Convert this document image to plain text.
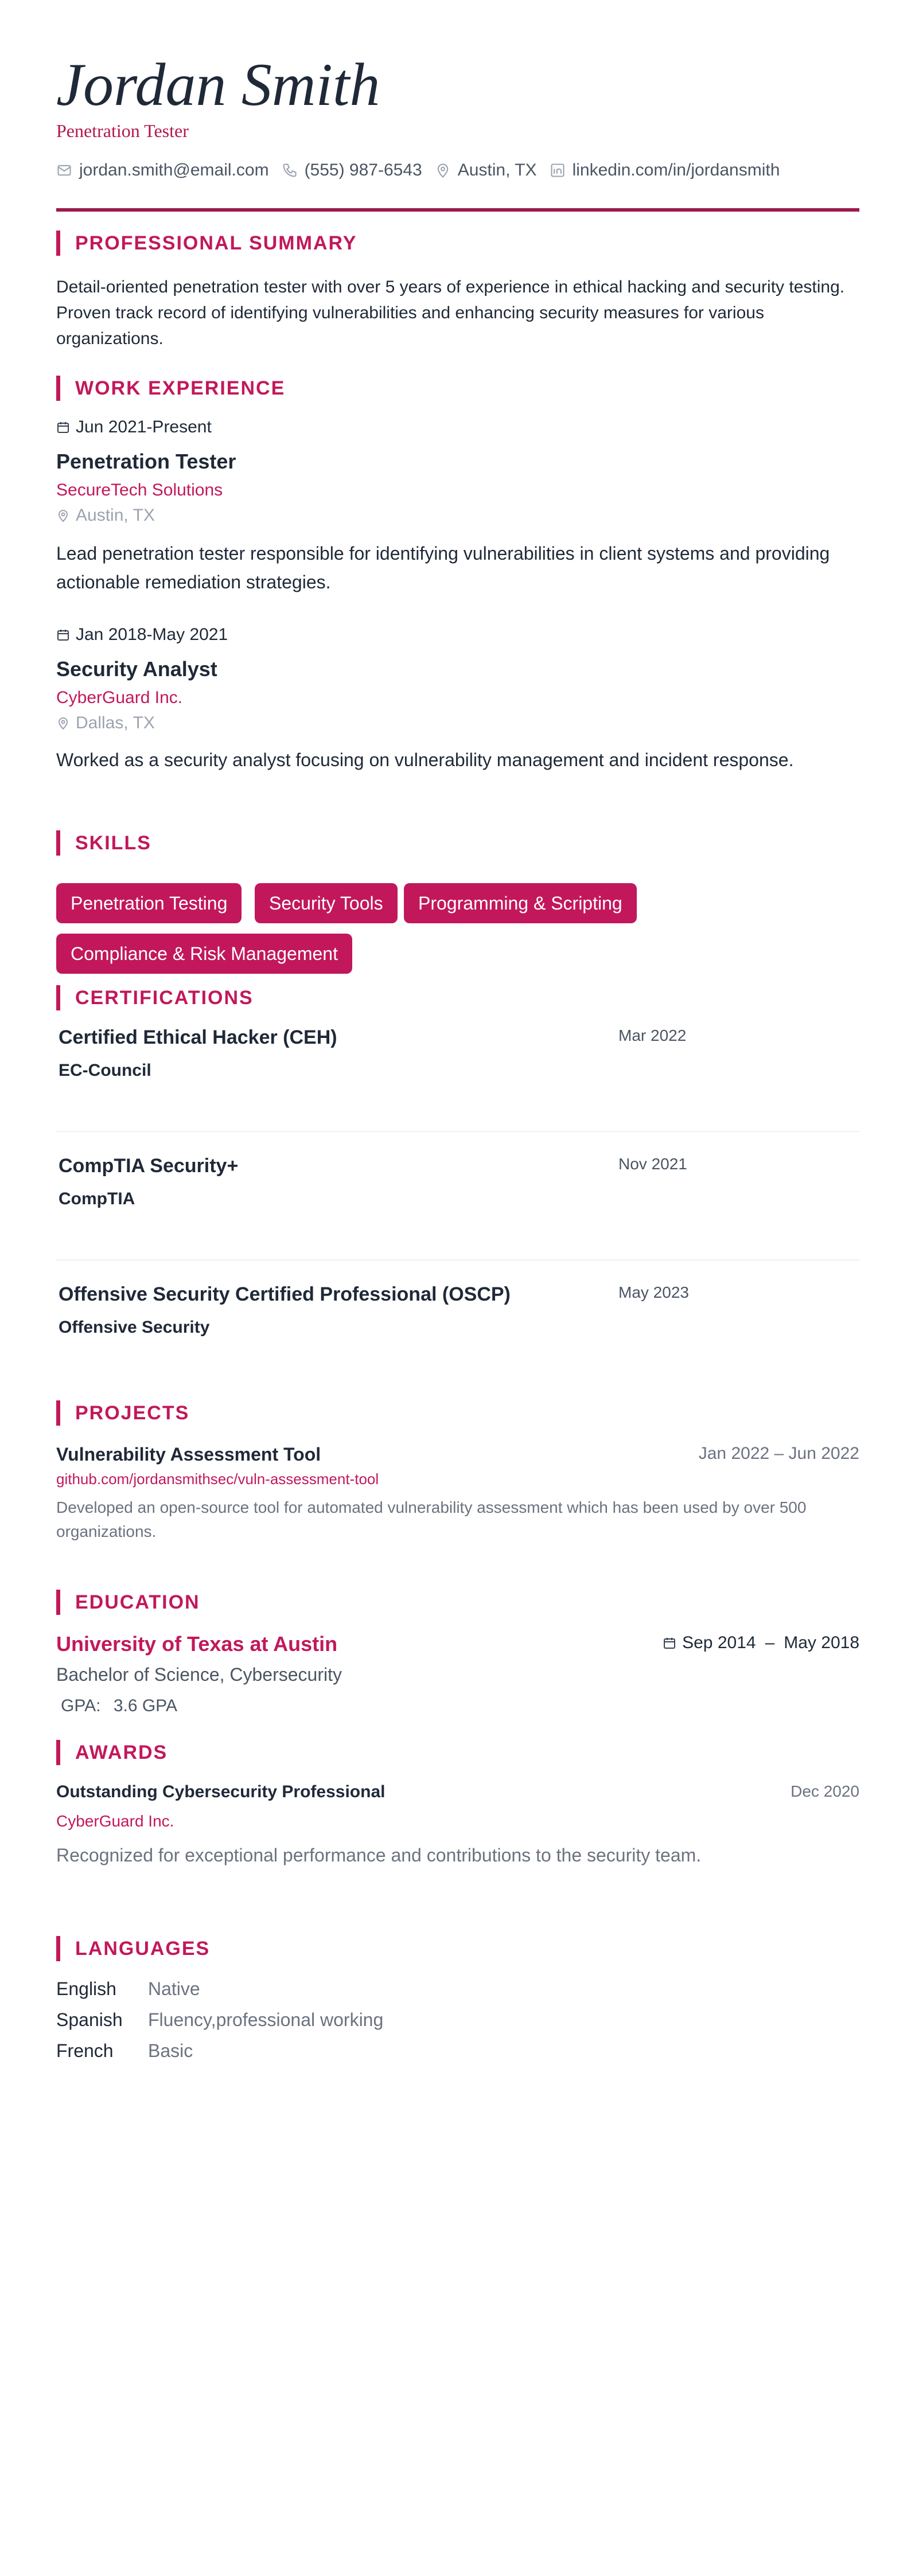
Jordan Smith
Penetration Tester
jordan.smith@email.com (555) 987-6543 Austin, TX linkedin.com/in/jordansmith
PROFESSIONAL SUMMARY
Detail-oriented penetration tester with over 5 years of experience in ethical hacking and security testing. Proven track record of identifying vulnerabilities and enhancing security measures for various organizations.
WORK EXPERIENCE
Jun 2021-Present
Penetration Tester
SecureTech Solutions
Austin, TX
Lead penetration tester responsible for identifying vulnerabilities in client systems and providing actionable remediation strategies.
Jan 2018-May 2021
Security Analyst
CyberGuard Inc.
Dallas, TX
Worked as a security analyst focusing on vulnerability management and incident response.
SKILLS
Penetration Testing	Security Tools	Programming & Scripting
Compliance & Risk Management
CERTIFICATIONS
Certified Ethical Hacker (CEH)	Mar 2022
EC-Council
CompTIA Security+	Nov 2021
CompTIA
Offensive Security Certified Professional (OSCP)	May 2023
Offensive Security
PROJECTS
Vulnerability Assessment Tool	Jan 2022 – Jun 2022
github.com/jordansmithsec/vuln-assessment-tool
Developed an open-source tool for automated vulnerability assessment which has been used by over 500 organizations.
EDUCATION
University of Texas at Austin	Sep 2014 – May 2018
Bachelor of Science, Cybersecurity
GPA: 3.6 GPA
AWARDS
Outstanding Cybersecurity Professional	Dec 2020
CyberGuard Inc.
Recognized for exceptional performance and contributions to the security team.
LANGUAGES
English Native
Spanish Fluency,professional working
French Basic
